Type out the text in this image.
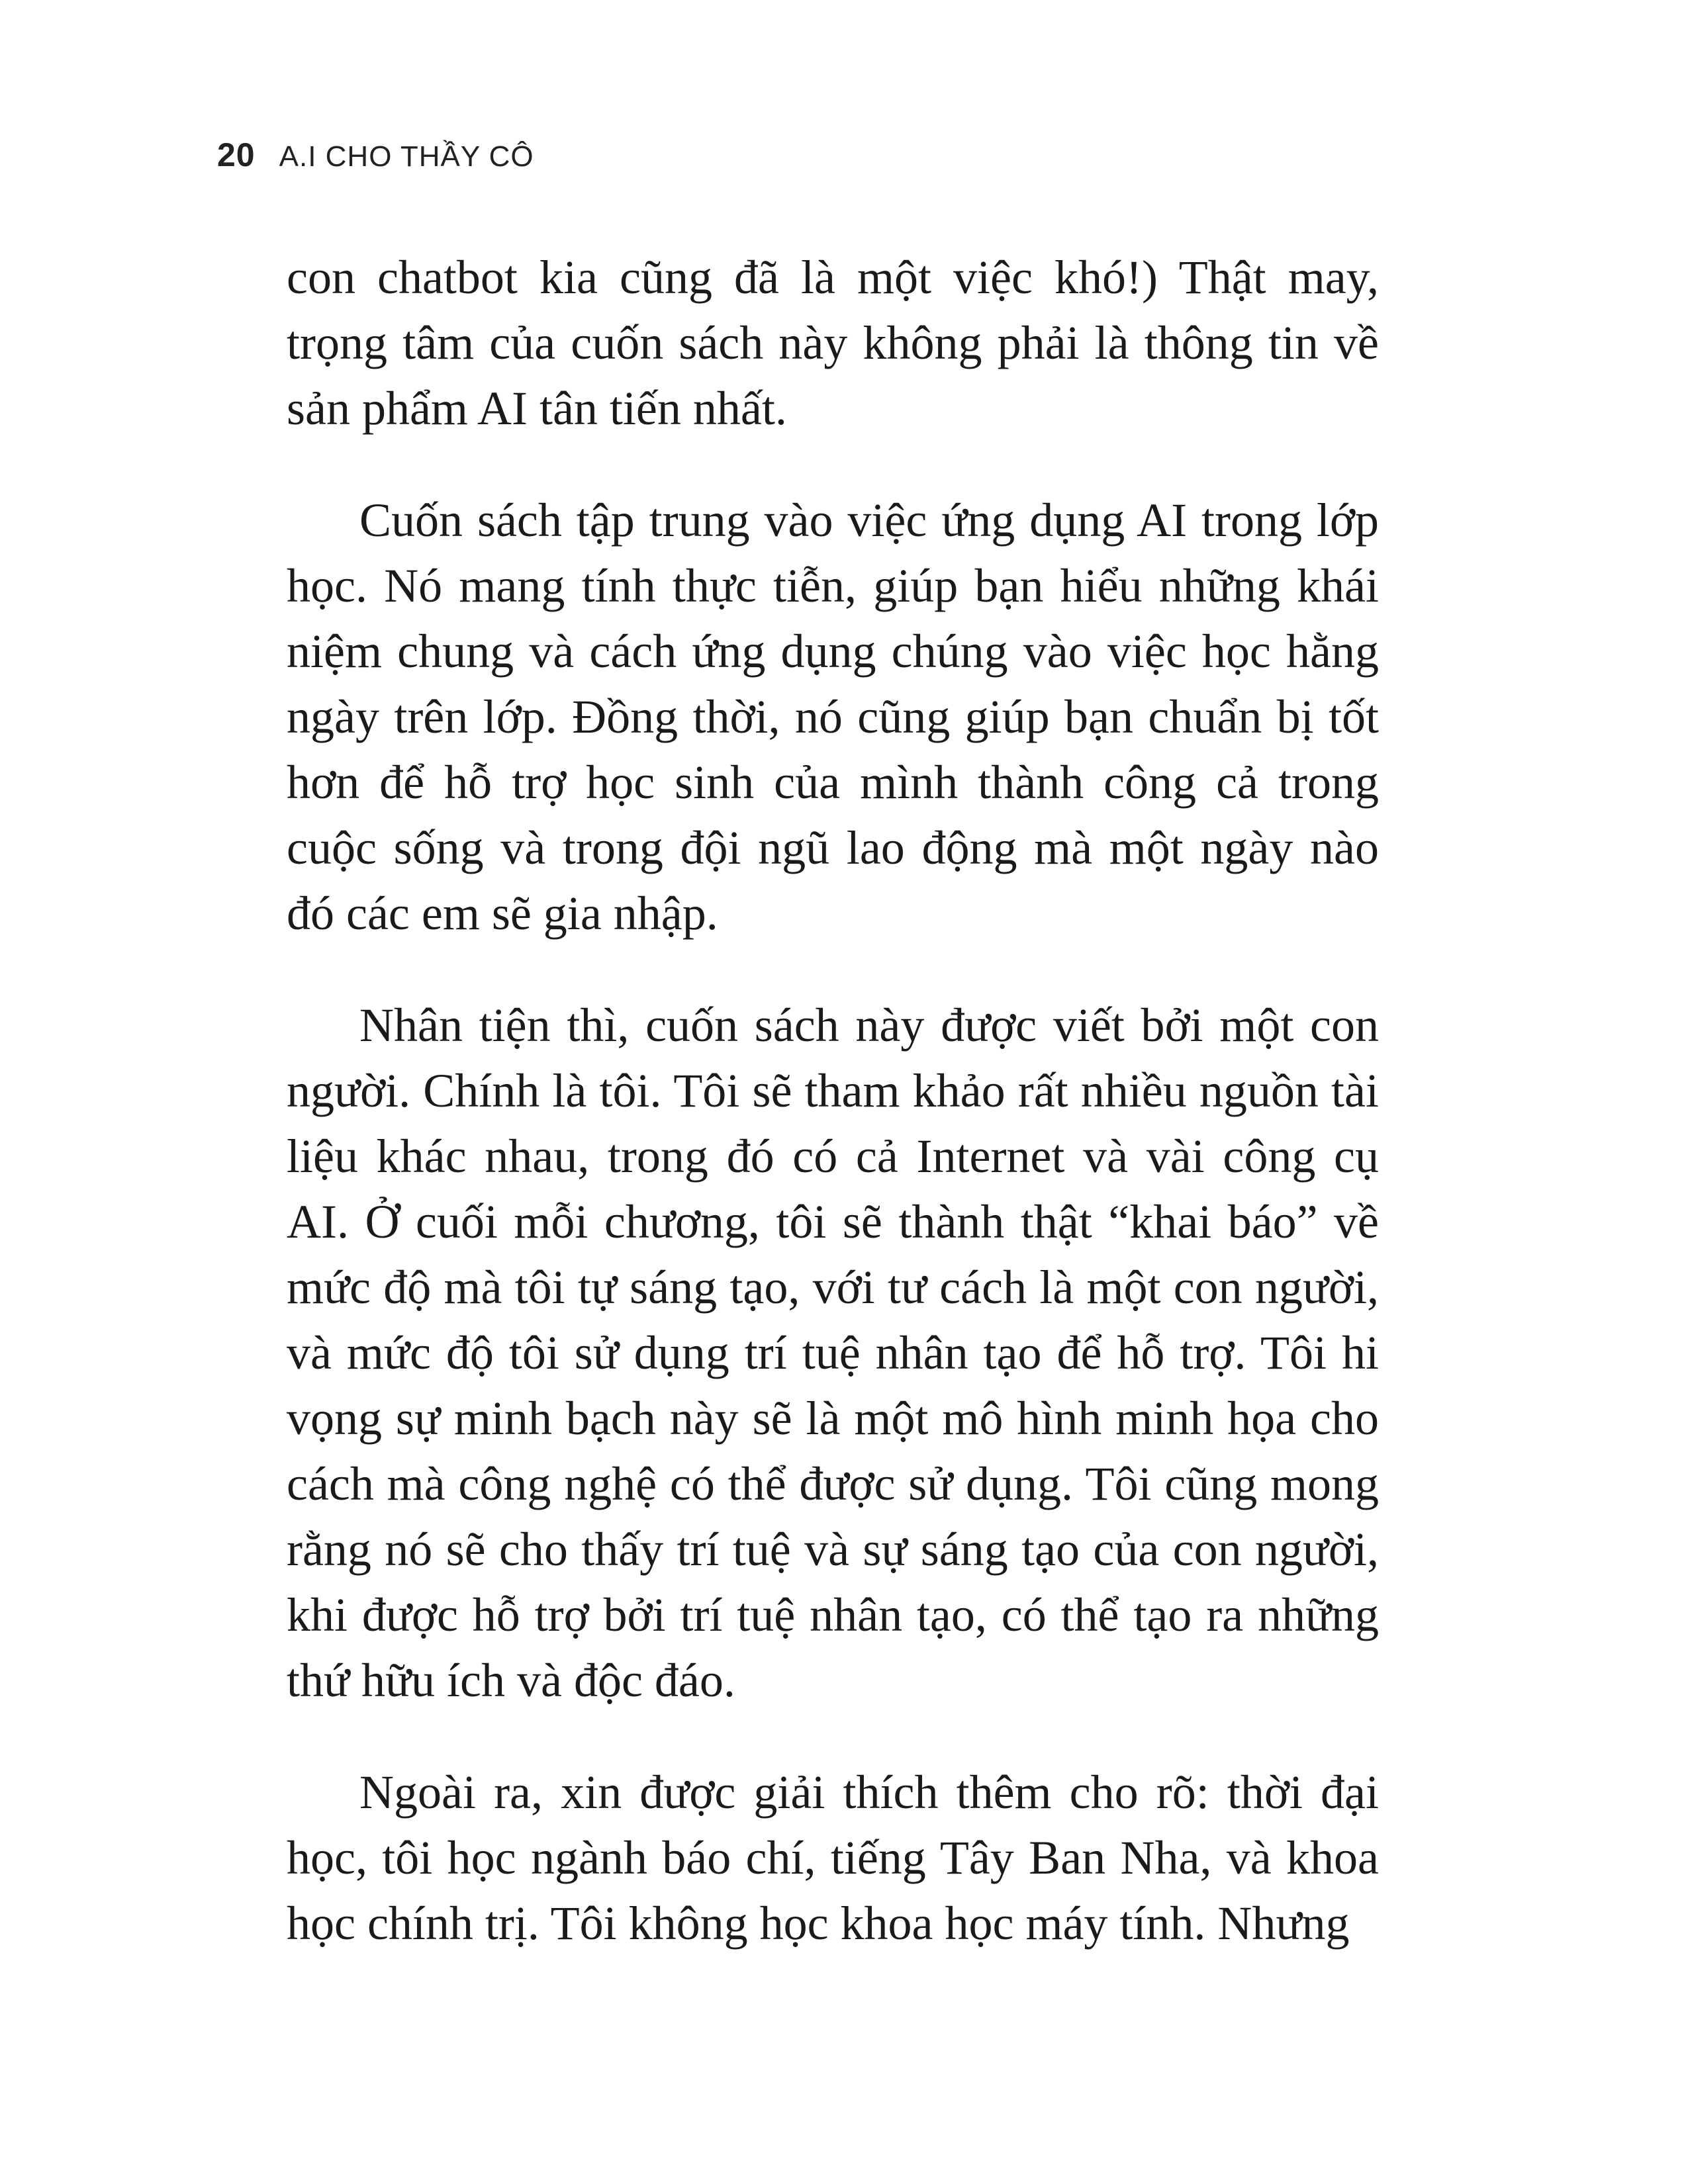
20 A.I CHO THẦY CÔ

con chatbot kia cũng đã là một việc khó!) Thật may, trọng tâm của cuốn sách này không phải là thông tin về sản phẩm AI tân tiến nhất.

Cuốn sách tập trung vào việc ứng dụng AI trong lớp học. Nó mang tính thực tiễn, giúp bạn hiểu những khái niệm chung và cách ứng dụng chúng vào việc học hằng ngày trên lớp. Đồng thời, nó cũng giúp bạn chuẩn bị tốt hơn để hỗ trợ học sinh của mình thành công cả trong cuộc sống và trong đội ngũ lao động mà một ngày nào đó các em sẽ gia nhập.

Nhân tiện thì, cuốn sách này được viết bởi một con người. Chính là tôi. Tôi sẽ tham khảo rất nhiều nguồn tài liệu khác nhau, trong đó có cả Internet và vài công cụ AI. Ở cuối mỗi chương, tôi sẽ thành thật “khai báo” về mức độ mà tôi tự sáng tạo, với tư cách là một con người, và mức độ tôi sử dụng trí tuệ nhân tạo để hỗ trợ. Tôi hi vọng sự minh bạch này sẽ là một mô hình minh họa cho cách mà công nghệ có thể được sử dụng. Tôi cũng mong rằng nó sẽ cho thấy trí tuệ và sự sáng tạo của con người, khi được hỗ trợ bởi trí tuệ nhân tạo, có thể tạo ra những thứ hữu ích và độc đáo.

Ngoài ra, xin được giải thích thêm cho rõ: thời đại học, tôi học ngành báo chí, tiếng Tây Ban Nha, và khoa học chính trị. Tôi không học khoa học máy tính. Nhưng
